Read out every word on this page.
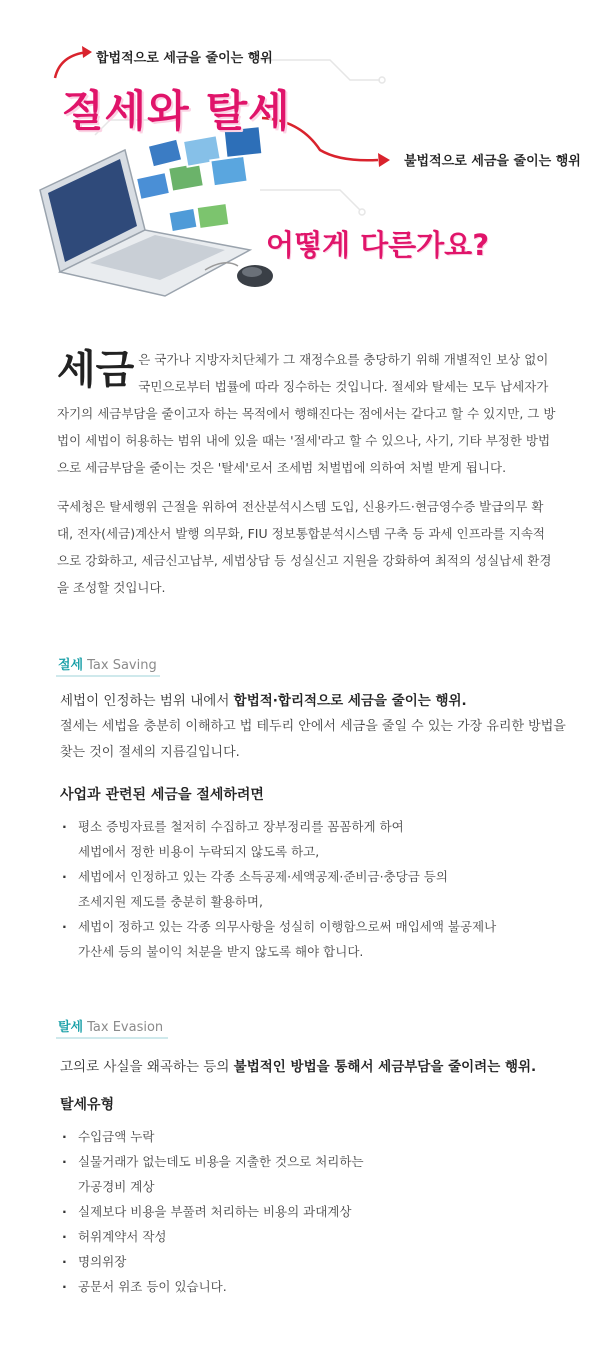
합법적으로 세금을 줄이는 행위
절세와 탈세
불법적으로 세금을 줄이는 행위
어떻게 다른가요?

세금 은 국가나 지방자치단체가 그 재정수요를 충당하기 위해 개별적인 보상 없이 국민으로부터 법률에 따라 징수하는 것입니다. 절세와 탈세는 모두 납세자가 자기의 세금부담을 줄이고자 하는 목적에서 행해진다는 점에서는 같다고 할 수 있지만, 그 방법이 세법이 허용하는 범위 내에 있을 때는 '절세'라고 할 수 있으나, 사기, 기타 부정한 방법으로 세금부담을 줄이는 것은 '탈세'로서 조세범 처벌법에 의하여 처벌 받게 됩니다.

국세청은 탈세행위 근절을 위하여 전산분석시스템 도입, 신용카드·현금영수증 발급의무 확대, 전자(세금)계산서 발행 의무화, FIU 정보통합분석시스템 구축 등 과세 인프라를 지속적으로 강화하고, 세금신고납부, 세법상담 등 성실신고 지원을 강화하여 최적의 성실납세 환경을 조성할 것입니다.

절세 Tax Saving
세법이 인정하는 범위 내에서 합법적·합리적으로 세금을 줄이는 행위.
절세는 세법을 충분히 이해하고 법 테두리 안에서 세금을 줄일 수 있는 가장 유리한 방법을 찾는 것이 절세의 지름길입니다.
사업과 관련된 세금을 절세하려면
· 평소 증빙자료를 철저히 수집하고 장부정리를 꼼꼼하게 하여
세법에서 정한 비용이 누락되지 않도록 하고,
· 세법에서 인정하고 있는 각종 소득공제·세액공제·준비금·충당금 등의
조세지원 제도를 충분히 활용하며,
· 세법이 정하고 있는 각종 의무사항을 성실히 이행함으로써 매입세액 불공제나
가산세 등의 불이익 처분을 받지 않도록 해야 합니다.
탈세 Tax Evasion
고의로 사실을 왜곡하는 등의 불법적인 방법을 통해서 세금부담을 줄이려는 행위.
탈세유형
· 수입금액 누락
· 실물거래가 없는데도 비용을 지출한 것으로 처리하는
가공경비 계상
· 실제보다 비용을 부풀려 처리하는 비용의 과대계상
· 허위계약서 작성
· 명의위장
· 공문서 위조 등이 있습니다.
